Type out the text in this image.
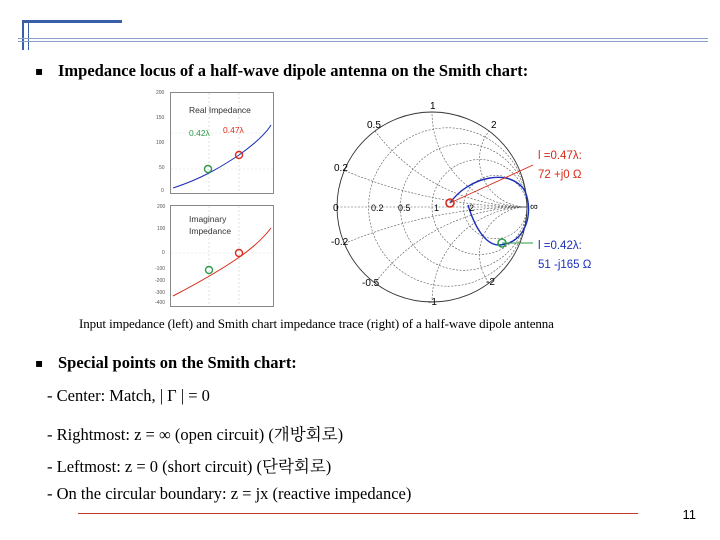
▪ Impedance locus of a half-wave dipole antenna on the Smith chart:
Real Impedance
0.42λ 0.47λ
200
150
100
50
0
Imaginary
Impedance
200
100
0
-100
-200
-300
-400
1
0.5	2
0.2
0	0.2 0.5	1	2	∞
-0.2
-0.5	-2
-1
l =0.47λ:
72 +j0 Ω
l =0.42λ:
51 -j165 Ω
Input impedance (left) and Smith chart impedance trace (right) of a half-wave dipole antenna
▪ Special points on the Smith chart:
- Center: Match, | Γ | = 0
- Rightmost: z = ∞ (open circuit) (개방회로)
- Leftmost: z = 0 (short circuit) (단락회로)
- On the circular boundary: z = jx (reactive impedance)
11
